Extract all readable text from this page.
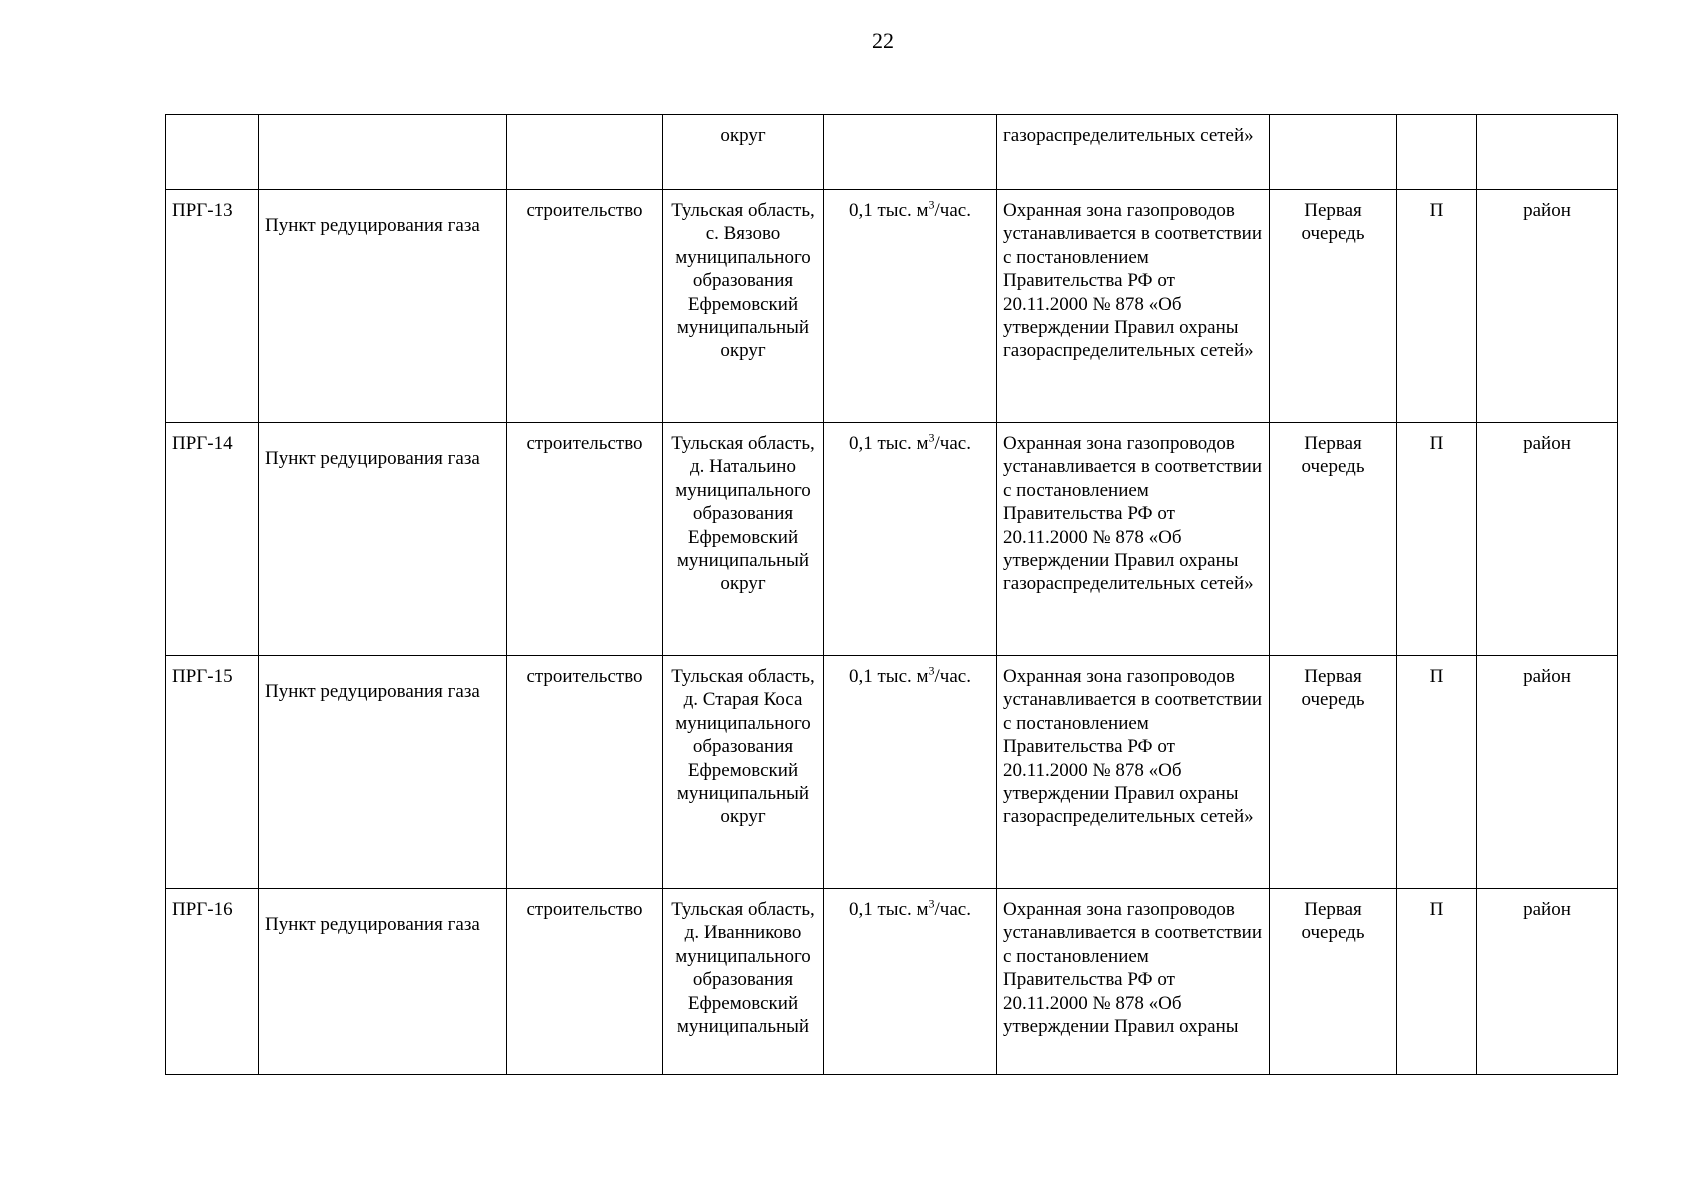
22
			округ		газораспределительных сетей»			
ПРГ-13	Пункт редуцирования газа	строительство	Тульская область, с. Вязово муниципального образования Ефремовский муниципальный округ	0,1 тыс. $м^3$/час.	Охранная зона газопроводов устанавливается в соответствии с постановлением Правительства РФ от 20.11.2000 № 878 «Об утверждении Правил охраны газораспределительных сетей»	Первая очередь	П	район
ПРГ-14	Пункт редуцирования газа	строительство	Тульская область, д. Натальино муниципального образования Ефремовский муниципальный округ	0,1 тыс. $м^3$/час.	Охранная зона газопроводов устанавливается в соответствии с постановлением Правительства РФ от 20.11.2000 № 878 «Об утверждении Правил охраны газораспределительных сетей»	Первая очередь	П	район
ПРГ-15	Пункт редуцирования газа	строительство	Тульская область, д. Старая Коса муниципального образования Ефремовский муниципальный округ	0,1 тыс. $м^3$/час.	Охранная зона газопроводов устанавливается в соответствии с постановлением Правительства РФ от 20.11.2000 № 878 «Об утверждении Правил охраны газораспределительных сетей»	Первая очередь	П	район
ПРГ-16	Пункт редуцирования газа	строительство	Тульская область, д. Иванниково муниципального образования Ефремовский муниципальный	0,1 тыс. $м^3$/час.	Охранная зона газопроводов устанавливается в соответствии с постановлением Правительства РФ от 20.11.2000 № 878 «Об утверждении Правил охраны	Первая очередь	П	район
